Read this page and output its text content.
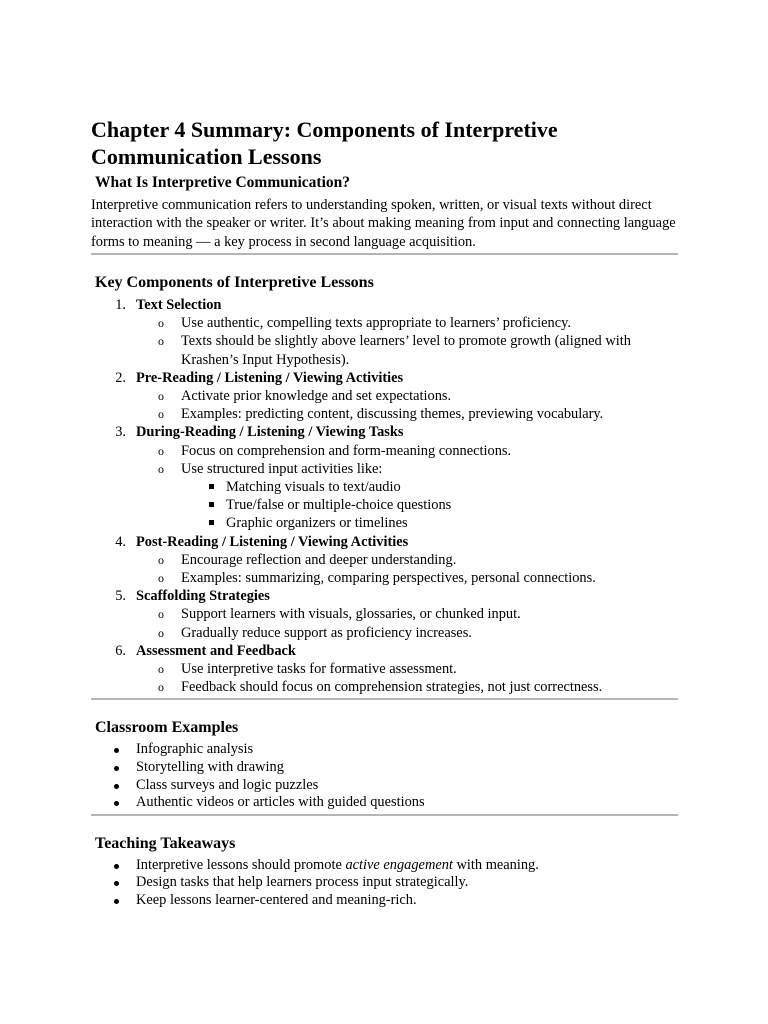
Chapter 4 Summary: Components of Interpretive Communication Lessons
What Is Interpretive Communication?

Interpretive communication refers to understanding spoken, written, or visual texts without direct interaction with the speaker or writer. It’s about making meaning from input and connecting language forms to meaning — a key process in second language acquisition.

Key Components of Interpretive Lessons
1 . Text Selection
o Use authentic, compelling texts appropriate to learners’ proficiency.
o Texts should be slightly above learners’ level to promote growth (aligned with Krashen’s Input Hypothesis).
2 . Pre-Reading / Listening / Viewing Activities
o Activate prior knowledge and set expectations.
o Examples: predicting content, discussing themes, previewing vocabulary.
3 . During-Reading / Listening / Viewing Tasks
o Focus on comprehension and form-meaning connections.
o Use structured input activities like:
Matching visuals to text/audio
True/false or multiple-choice questions
Graphic organizers or timelines
4 . Post-Reading / Listening / Viewing Activities
o Encourage reflection and deeper understanding.
o Examples: summarizing, comparing perspectives, personal connections.
5 . Scaffolding Strategies
o Support learners with visuals, glossaries, or chunked input.
o Gradually reduce support as proficiency increases.
6 . Assessment and Feedback
o Use interpretive tasks for formative assessment.
o Feedback should focus on comprehension strategies, not just correctness.
Classroom Examples
Infographic analysis
Storytelling with drawing
Class surveys and logic puzzles
Authentic videos or articles with guided questions
Teaching Takeaways
Interpretive lessons should promote active engagement with meaning.
Design tasks that help learners process input strategically.
Keep lessons learner-centered and meaning-rich.
